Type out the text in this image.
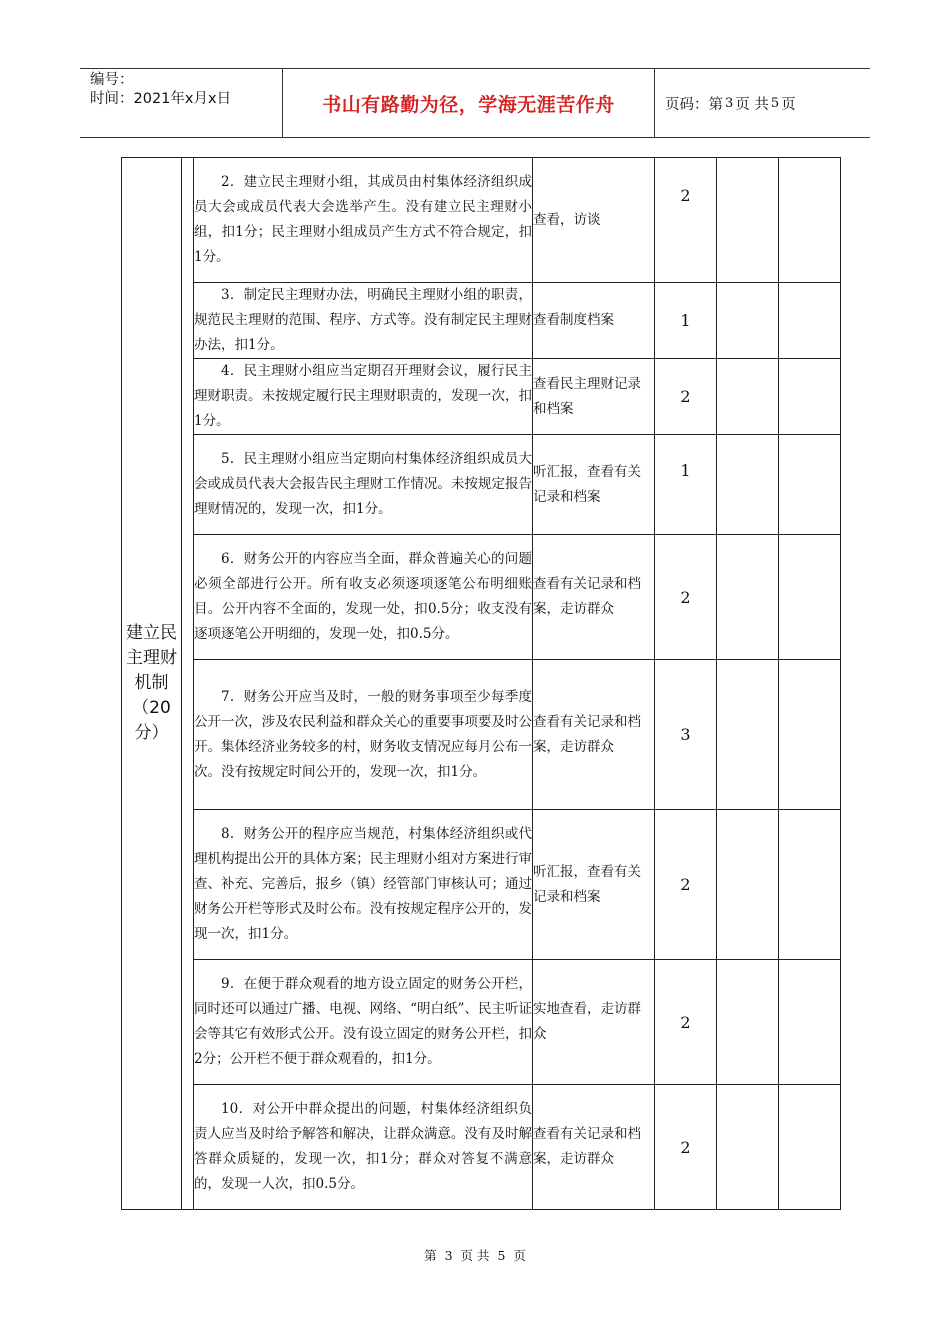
编号：
时间：2021年x月x日	书山有路勤为径，学海无涯苦作舟	页码：第 3 页 共 5 页
建立民主理财机制（20分）		2．建立民主理财小组，其成员由村集体经济组织成员大会或成员代表大会选举产生。没有建立民主理财小组，扣1分；民主理财小组成员产生方式不符合规定，扣1分。	查看，访谈	2		
		3．制定民主理财办法，明确民主理财小组的职责，规范民主理财的范围、程序、方式等。没有制定民主理财办法，扣1分。	查看制度档案	1		
		4．民主理财小组应当定期召开理财会议，履行民主理财职责。未按规定履行民主理财职责的，发现一次，扣1分。	查看民主理财记录和档案	2		
		5．民主理财小组应当定期向村集体经济组织成员大会或成员代表大会报告民主理财工作情况。未按规定报告理财情况的，发现一次，扣1分。	听汇报，查看有关记录和档案	1		
		6．财务公开的内容应当全面，群众普遍关心的问题必须全部进行公开。所有收支必须逐项逐笔公布明细账目。公开内容不全面的，发现一处，扣0.5分；收支没有逐项逐笔公开明细的，发现一处，扣0.5分。	查看有关记录和档案，走访群众	2		
		7．财务公开应当及时，一般的财务事项至少每季度公开一次，涉及农民利益和群众关心的重要事项要及时公开。集体经济业务较多的村，财务收支情况应每月公布一次。没有按规定时间公开的，发现一次，扣1分。	查看有关记录和档案，走访群众	3		
		8．财务公开的程序应当规范，村集体经济组织或代理机构提出公开的具体方案；民主理财小组对方案进行审查、补充、完善后，报乡（镇）经管部门审核认可；通过财务公开栏等形式及时公布。没有按规定程序公开的，发现一次，扣1分。	听汇报，查看有关记录和档案	2		
		9．在便于群众观看的地方设立固定的财务公开栏，同时还可以通过广播、电视、网络、“明白纸”、民主听证会等其它有效形式公开。没有设立固定的财务公开栏，扣2分；公开栏不便于群众观看的，扣1分。	实地查看，走访群众	2		
		10．对公开中群众提出的问题，村集体经济组织负责人应当及时给予解答和解决，让群众满意。没有及时解答群众质疑的，发现一次，扣1分；群众对答复不满意的，发现一人次，扣0.5分。	查看有关记录和档案，走访群众	2		
第 3 页 共 5 页
